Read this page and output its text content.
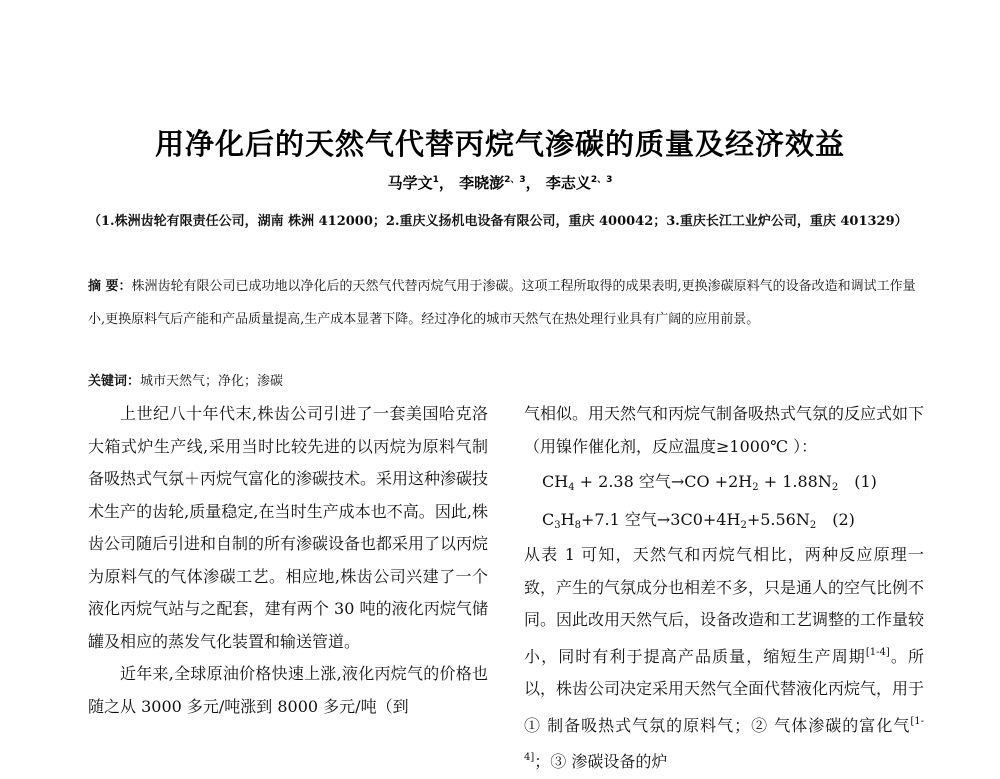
用净化后的天然气代替丙烷气渗碳的质量及经济效益
马学文$^1$， 李晓澎$^{2、3}$， 李志义$^{2、3}$
（1.株洲齿轮有限责任公司，湖南 株洲 412000；2.重庆义扬机电设备有限公司，重庆 400042；3.重庆长江工业炉公司，重庆 401329）
摘 要：株洲齿轮有限公司已成功地以净化后的天然气代替丙烷气用于渗碳。这项工程所取得的成果表明,更换渗碳原料气的设备改造和调试工作量小,更换原料气后产能和产品质量提高,生产成本显著下降。经过净化的城市天然气在热处理行业具有广阔的应用前景。
关键词：城市天然气；净化；渗碳

上世纪八十年代末,株齿公司引进了一套美国哈克洛大箱式炉生产线,采用当时比较先进的以丙烷为原料气制备吸热式气氛＋丙烷气富化的渗碳技术。采用这种渗碳技术生产的齿轮,质量稳定,在当时生产成本也不高。因此,株齿公司随后引进和自制的所有渗碳设备也都采用了以丙烷为原料气的气体渗碳工艺。相应地,株齿公司兴建了一个液化丙烷气站与之配套，建有两个 30 吨的液化丙烷气储罐及相应的蒸发气化装置和输送管道。

近年来,全球原油价格快速上涨,液化丙烷气的价格也随之从 3000 多元/吨涨到 8000 多元/吨（到

气相似。用天然气和丙烷气制备吸热式气氛的反应式如下（用镍作催化剂，反应温度≥1000℃ ）：

$CH_4 + 2.38$ 空气$\to CO +2H_2 + 1.88N_2$ (1)

$C_3H_8+7.1$ 空气$\to 3C0+4H_2+5.56N_2$ (2)

从表 1 可知，天然气和丙烷气相比，两种反应原理一致，产生的气氛成分也相差不多，只是通人的空气比例不同。因此改用天然气后，设备改造和工艺调整的工作量较小，同时有利于提高产品质量，缩短生产周期[1-4]。所以，株齿公司决定采用天然气全面代替液化丙烷气，用于① 制备吸热式气氛的原料气；② 气体渗碳的富化气[1-4]；③ 渗碳设备的炉
